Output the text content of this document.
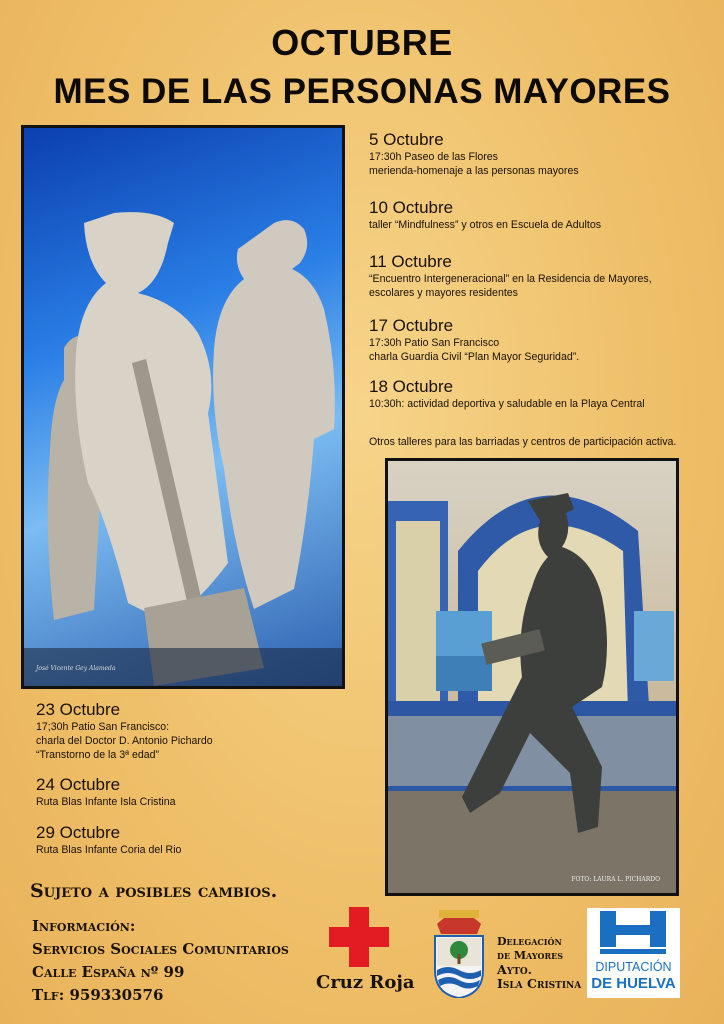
OCTUBRE
MES DE LAS PERSONAS MAYORES
José Vicente Gey Alameda
5 Octubre
17:30h Paseo de las Flores
merienda-homenaje a las personas mayores
10 Octubre
taller “Mindfulness” y otros en Escuela de Adultos
11 Octubre
“Encuentro Intergeneracional” en la Residencia de Mayores,
escolares y mayores residentes
17 Octubre
17:30h Patio San Francisco
charla Guardia Civil “Plan Mayor Seguridad”.
18 Octubre
10:30h: actividad deportiva y saludable en la Playa Central
Otros talleres para las barriadas y centros de participación activa.
FOTO: LAURA L. PICHARDO
23 Octubre
17;30h Patio San Francisco:
charla del Doctor D. Antonio Pichardo
“Transtorno de la 3ª edad”
24 Octubre
Ruta Blas Infante Isla Cristina
29 Octubre
Ruta Blas Infante Coria del Rio
Sujeto a posibles cambios.
Información:
Servicios Sociales Comunitarios
Calle España nº 99
Tlf: 959330576
Cruz Roja
Delegación
de Mayores
Ayto.
Isla Cristina
DIPUTACIÓN
DE HUELVA
